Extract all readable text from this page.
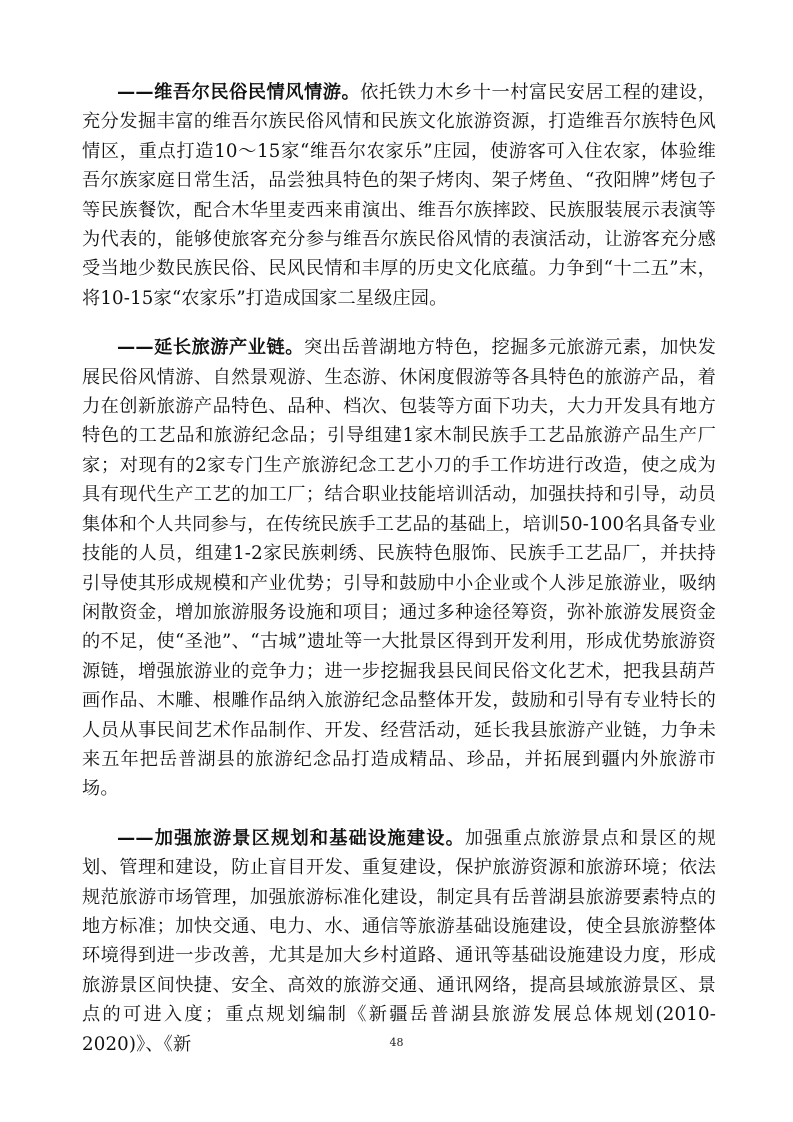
——维吾尔民俗民情风情游。依托铁力木乡十一村富民安居工程的建设，充分发掘丰富的维吾尔族民俗风情和民族文化旅游资源，打造维吾尔族特色风情区，重点打造10～15家“维吾尔农家乐”庄园，使游客可入住农家，体验维吾尔族家庭日常生活，品尝独具特色的架子烤肉、架子烤鱼、“孜阳牌”烤包子等民族餐饮，配合木华里麦西来甫演出、维吾尔族摔跤、民族服装展示表演等为代表的，能够使旅客充分参与维吾尔族民俗风情的表演活动，让游客充分感受当地少数民族民俗、民风民情和丰厚的历史文化底蕴。力争到“十二五”末，将10-15家“农家乐”打造成国家二星级庄园。

——延长旅游产业链。突出岳普湖地方特色，挖掘多元旅游元素，加快发展民俗风情游、自然景观游、生态游、休闲度假游等各具特色的旅游产品，着力在创新旅游产品特色、品种、档次、包装等方面下功夫，大力开发具有地方特色的工艺品和旅游纪念品；引导组建1家木制民族手工艺品旅游产品生产厂家；对现有的2家专门生产旅游纪念工艺小刀的手工作坊进行改造，使之成为具有现代生产工艺的加工厂；结合职业技能培训活动，加强扶持和引导，动员集体和个人共同参与，在传统民族手工艺品的基础上，培训50-100名具备专业技能的人员，组建1-2家民族刺绣、民族特色服饰、民族手工艺品厂，并扶持引导使其形成规模和产业优势；引导和鼓励中小企业或个人涉足旅游业，吸纳闲散资金，增加旅游服务设施和项目；通过多种途径筹资，弥补旅游发展资金的不足，使“圣池”、“古城”遗址等一大批景区得到开发利用，形成优势旅游资源链，增强旅游业的竞争力；进一步挖掘我县民间民俗文化艺术，把我县葫芦画作品、木雕、根雕作品纳入旅游纪念品整体开发，鼓励和引导有专业特长的人员从事民间艺术作品制作、开发、经营活动，延长我县旅游产业链，力争未来五年把岳普湖县的旅游纪念品打造成精品、珍品，并拓展到疆内外旅游市场。

——加强旅游景区规划和基础设施建设。加强重点旅游景点和景区的规划、管理和建设，防止盲目开发、重复建设，保护旅游资源和旅游环境；依法规范旅游市场管理，加强旅游标准化建设，制定具有岳普湖县旅游要素特点的地方标准；加快交通、电力、水、通信等旅游基础设施建设，使全县旅游整体环境得到进一步改善，尤其是加大乡村道路、通讯等基础设施建设力度，形成旅游景区间快捷、安全、高效的旅游交通、通讯网络，提高县域旅游景区、景点的可进入度；重点规划编制《新疆岳普湖县旅游发展总体规划(2010-2020)》、《新	48
